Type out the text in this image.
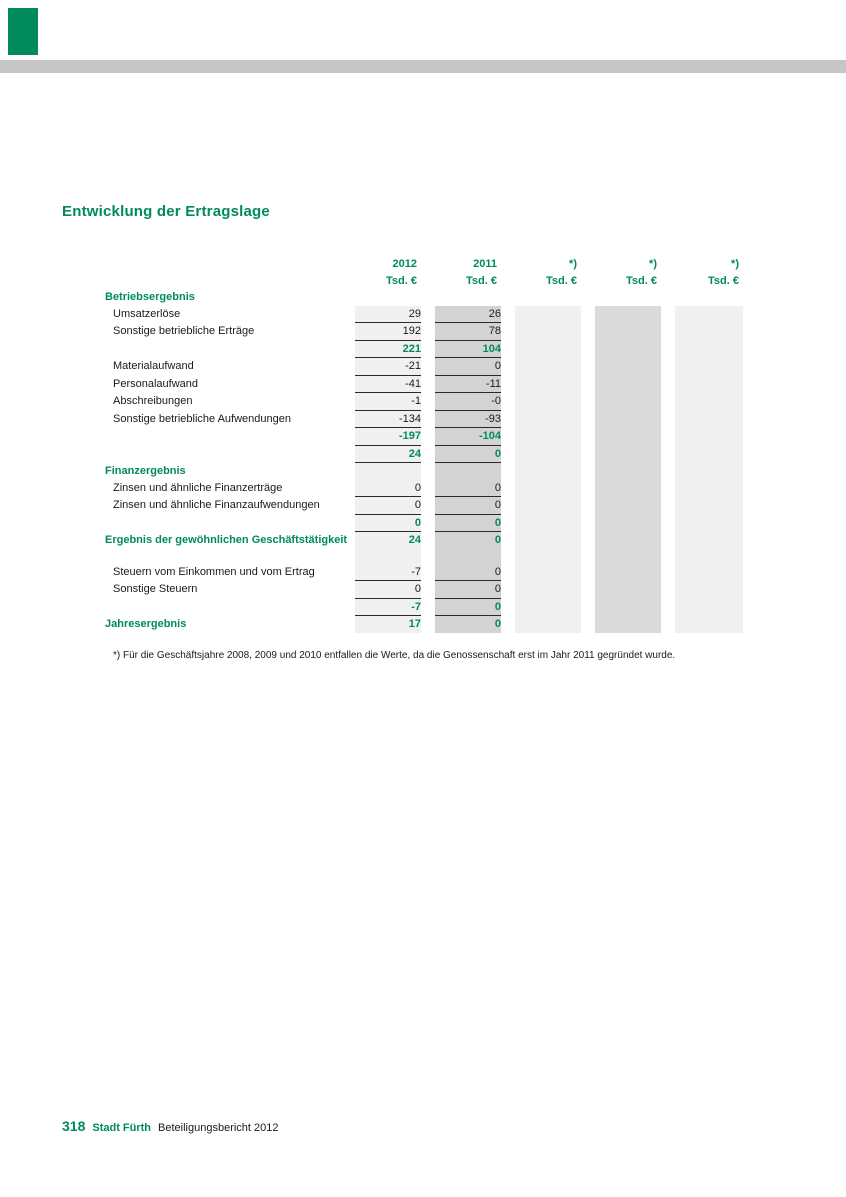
Entwicklung der Ertragslage
	2012		2011		*)		*)		*)
	Tsd. €		Tsd. €		Tsd. €		Tsd. €		Tsd. €
Betriebsergebnis									
Umsatzerlöse	29		26						
Sonstige betriebliche Erträge	192		78						
	221		104						
Materialaufwand	-21		0						
Personalaufwand	-41		-11						
Abschreibungen	-1		-0						
Sonstige betriebliche Aufwendungen	-134		-93						
	-197		-104						
	24		0						
Finanzergebnis									
Zinsen und ähnliche Finanzerträge	0		0						
Zinsen und ähnliche Finanzaufwendungen	0		0						
	0		0						
Ergebnis der gewöhnlichen Geschäftstätigkeit	24		0						

Steuern vom Einkommen und vom Ertrag	-7		0						
Sonstige Steuern	0		0						
	-7		0						
Jahresergebnis	17		0						
*) Für die Geschäftsjahre 2008, 2009 und 2010 entfallen die Werte, da die Genossenschaft erst im Jahr 2011 gegründet wurde.
318 Stadt Fürth Beteiligungsbericht 2012
